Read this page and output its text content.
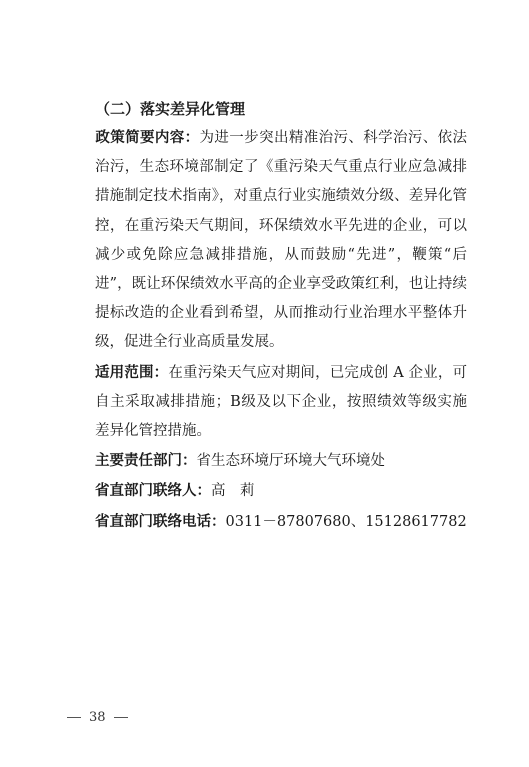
（二）落实差异化管理

政策简要内容：为进一步突出精准治污、科学治污、依法治污，生态环境部制定了《重污染天气重点行业应急减排措施制定技术指南》，对重点行业实施绩效分级、差异化管控，在重污染天气期间，环保绩效水平先进的企业，可以减少或免除应急减排措施，从而鼓励“先进”，鞭策“后进”，既让环保绩效水平高的企业享受政策红利，也让持续提标改造的企业看到希望，从而推动行业治理水平整体升级，促进全行业高质量发展。

适用范围：在重污染天气应对期间，已完成创 A 企业，可自主采取减排措施；B级及以下企业，按照绩效等级实施差异化管控措施。

主要责任部门：省生态环境厅环境大气环境处

省直部门联络人：高　莉

省直部门联络电话：0311－87807680、15128617782

38
